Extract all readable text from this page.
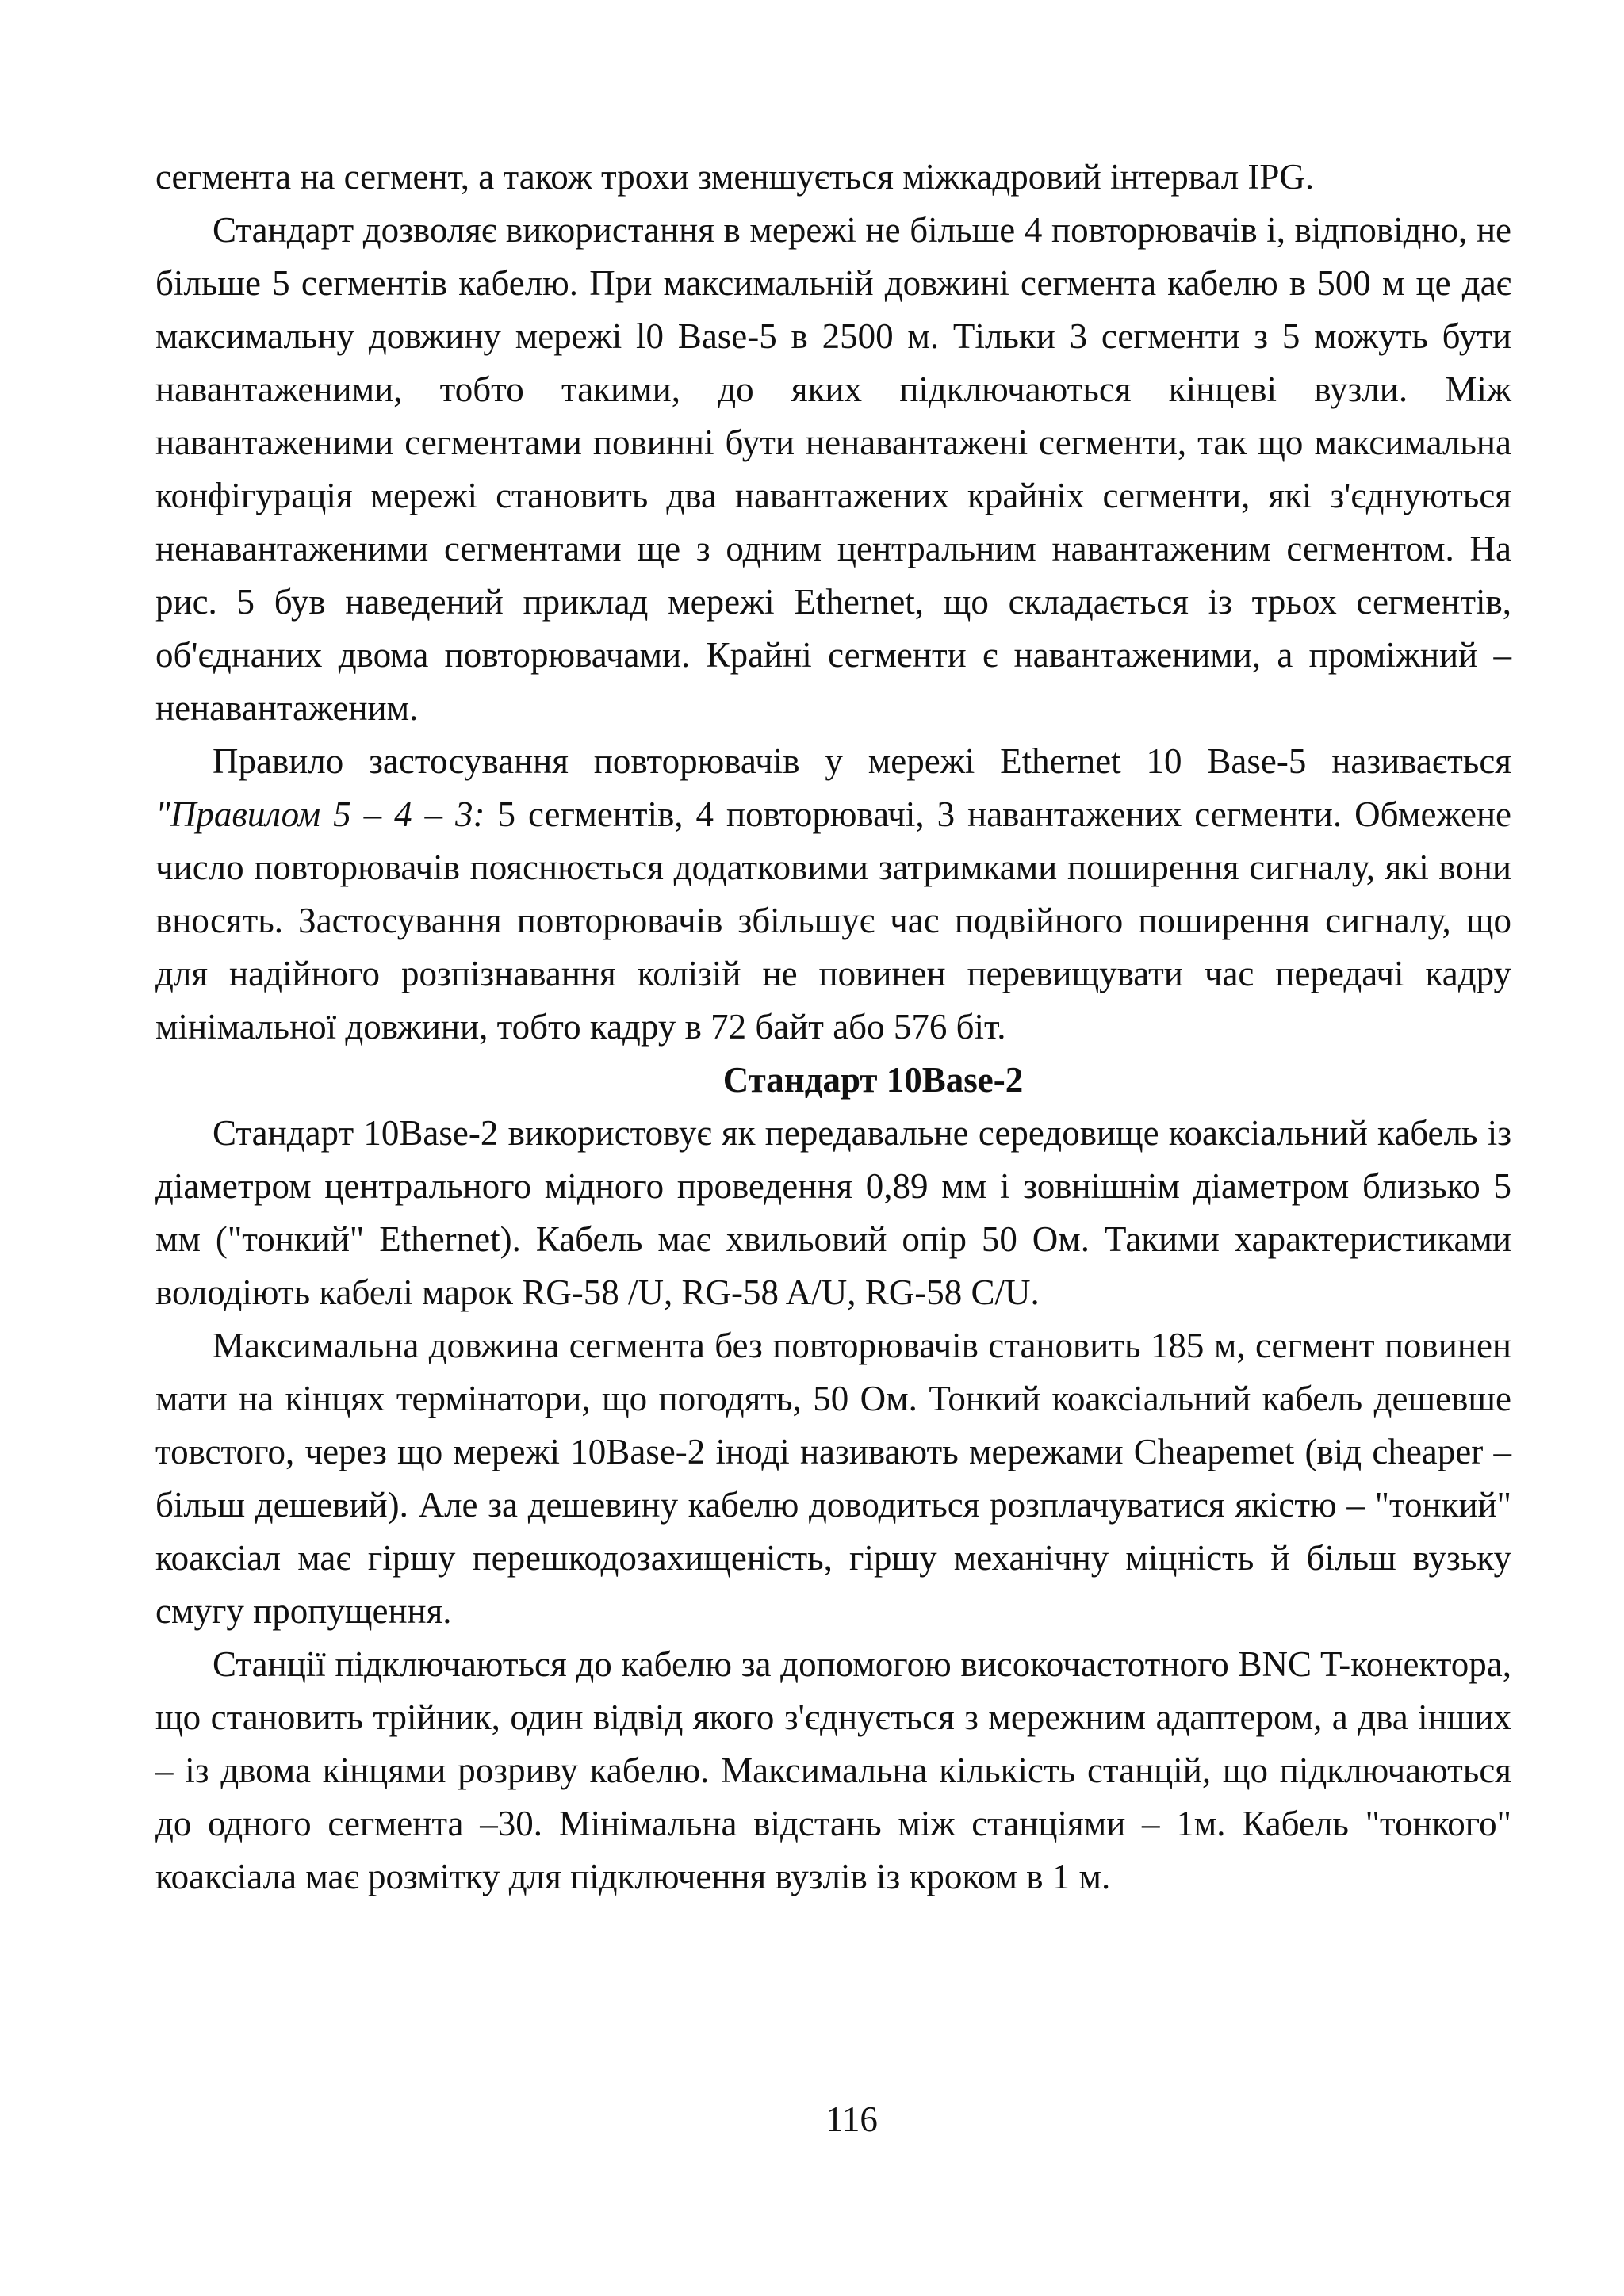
сегмента на сегмент, а також трохи зменшується міжкадровий інтервал IPG.

Стандарт дозволяє використання в мережі не більше 4 повторювачів і, відповідно, не більше 5 сегментів кабелю. При максимальній довжині сегмента кабелю в 500 м це дає максимальну довжину мережі l0 Base-5 в 2500 м. Тільки 3 сегменти з 5 можуть бути навантаженими, тобто такими, до яких підключаються кінцеві вузли. Між навантаженими сегментами повинні бути ненавантажені сегменти, так що максимальна конфігурація мережі становить два навантажених крайніх сегменти, які з'єднуються ненавантаженими сегментами ще з одним центральним навантаженим сегментом. На рис. 5 був наведений приклад мережі Ethernet, що складається із трьох сегментів, об'єднаних двома повторювачами. Крайні сегменти є навантаженими, а проміжний – ненавантаженим.

Правило застосування повторювачів у мережі Ethernet 10 Base-5 називається "Правилом 5 – 4 – 3: 5 сегментів, 4 повторювачі, 3 навантажених сегменти. Обмежене число повторювачів пояснюється додатковими затримками поширення сигналу, які вони вносять. Застосування повторювачів збільшує час подвійного поширення сигналу, що для надійного розпізнавання колізій не повинен перевищувати час передачі кадру мінімальної довжини, тобто кадру в 72 байт або 576 біт.

Стандарт 10Base-2

Стандарт 10Base-2 використовує як передавальне середовище коаксіальний кабель із діаметром центрального мідного проведення 0,89 мм і зовнішнім діаметром близько 5 мм ("тонкий" Ethernet). Кабель має хвильовий опір 50 Ом. Такими характеристиками володіють кабелі марок RG-58 /U, RG-58 A/U, RG-58 C/U.

Максимальна довжина сегмента без повторювачів становить 185 м, сегмент повинен мати на кінцях термінатори, що погодять, 50 Ом. Тонкий коаксіальний кабель дешевше товстого, через що мережі 10Base-2 іноді називають мережами Cheapemet (від cheaper – більш дешевий). Але за дешевину кабелю доводиться розплачуватися якістю – "тонкий" коаксіал має гіршу перешкодозахищеність, гіршу механічну міцність й більш вузьку смугу пропущення.

Станції підключаються до кабелю за допомогою високочастотного BNC T-конектора, що становить трійник, один відвід якого з'єднується з мережним адаптером, а два інших – із двома кінцями розриву кабелю. Максимальна кількість станцій, що підключаються до одного сегмента –30. Мінімальна відстань між станціями – 1м. Кабель "тонкого" коаксіала має розмітку для підключення вузлів із кроком в 1 м.

116
